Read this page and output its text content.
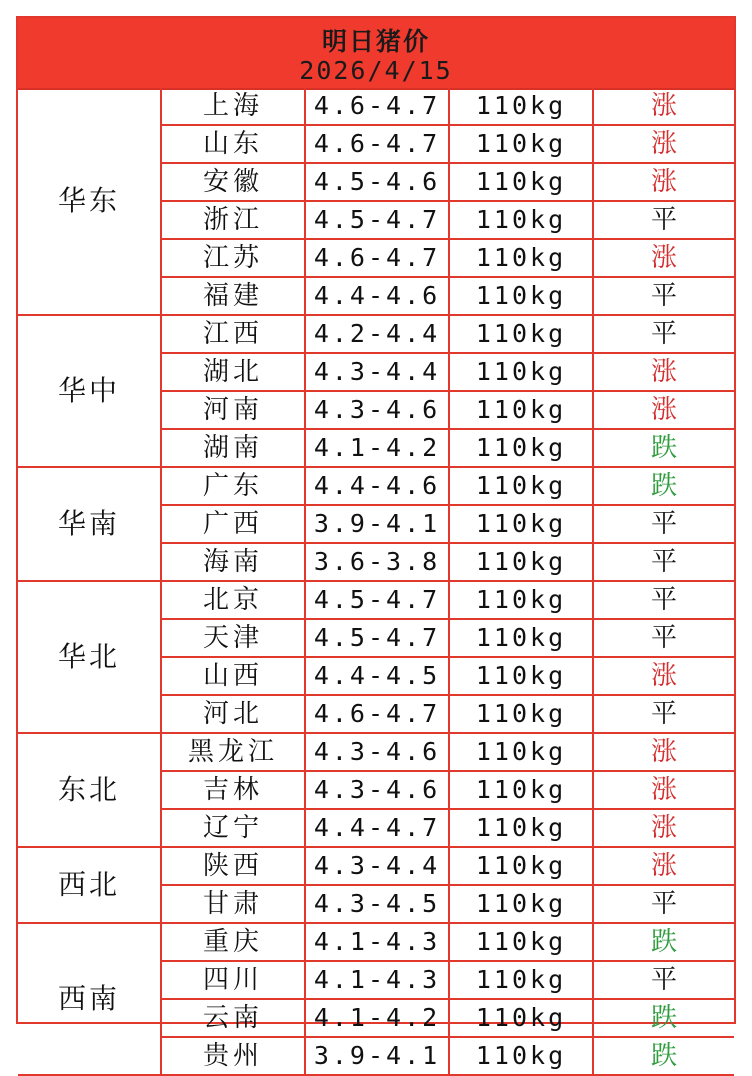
明日猪价
2026/4/15
华东	上海	4.6-4.7	110kg	涨
	山东	4.6-4.7	110kg	涨
	安徽	4.5-4.6	110kg	涨
	浙江	4.5-4.7	110kg	平
	江苏	4.6-4.7	110kg	涨
	福建	4.4-4.6	110kg	平
华中	江西	4.2-4.4	110kg	平
	湖北	4.3-4.4	110kg	涨
	河南	4.3-4.6	110kg	涨
	湖南	4.1-4.2	110kg	跌
华南	广东	4.4-4.6	110kg	跌
	广西	3.9-4.1	110kg	平
	海南	3.6-3.8	110kg	平
华北	北京	4.5-4.7	110kg	平
	天津	4.5-4.7	110kg	平
	山西	4.4-4.5	110kg	涨
	河北	4.6-4.7	110kg	平
东北	黑龙江	4.3-4.6	110kg	涨
	吉林	4.3-4.6	110kg	涨
	辽宁	4.4-4.7	110kg	涨
西北	陕西	4.3-4.4	110kg	涨
	甘肃	4.3-4.5	110kg	平
西南	重庆	4.1-4.3	110kg	跌
	四川	4.1-4.3	110kg	平
	云南	4.1-4.2	110kg	跌
	贵州	3.9-4.1	110kg	跌
